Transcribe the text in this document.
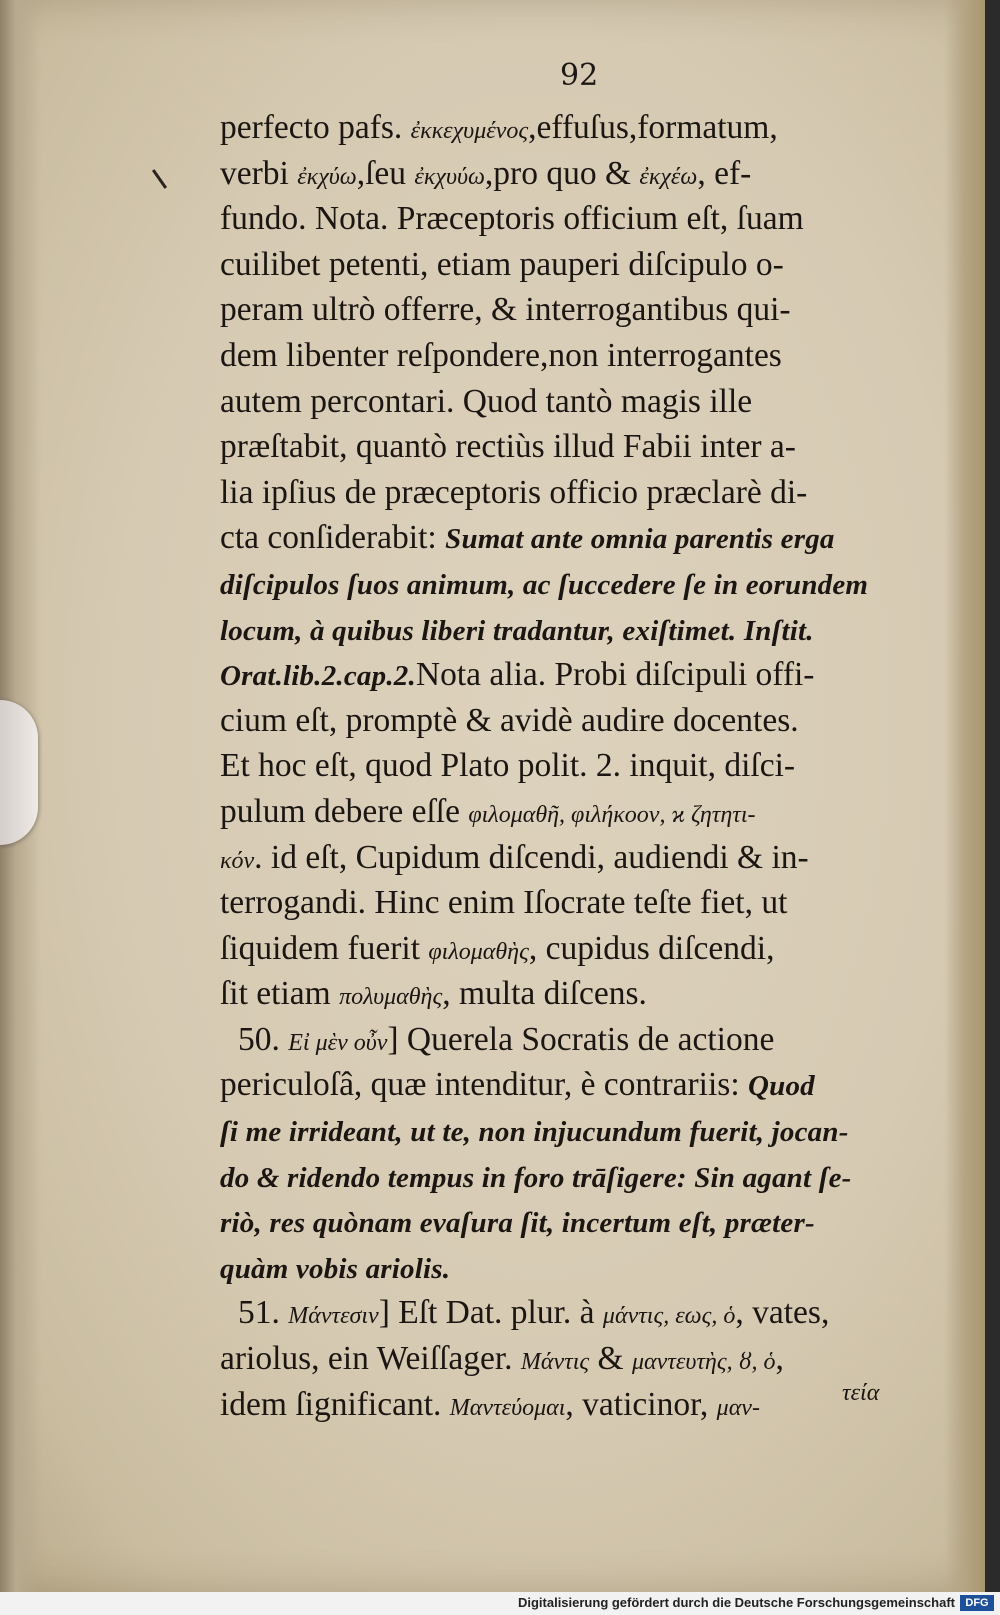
92
perfecto pafs. ἐκκεχυμένος,effuſus,formatum,
verbi ἐκχύω,ſeu ἐκχυύω,pro quo & ἐκχέω, ef-
fundo. Nota. Præceptoris officium eſt, ſuam
cuilibet petenti, etiam pauperi diſcipulo o-
peram ultrò offerre, & interrogantibus qui-
dem libenter reſpondere,non interrogantes
autem percontari. Quod tantò magis ille
præſtabit, quantò rectiùs illud Fabii inter a-
lia ipſius de præceptoris officio præclarè di-
cta conſiderabit: Sumat ante omnia parentis erga
diſcipulos ſuos animum, ac ſuccedere ſe in eorundem
locum, à quibus liberi tradantur, exiſtimet. Inſtit.
Orat.lib.2.cap.2.Nota alia. Probi diſcipuli offi-
cium eſt, promptè & avidè audire docentes.
Et hoc eſt, quod Plato polit. 2. inquit, diſci-
pulum debere eſſe φιλομαθῆ, φιλήκοον, ϰ ζητητι-
κόν. id eſt, Cupidum diſcendi, audiendi & in-
terrogandi. Hinc enim Iſocrate teſte fiet, ut
ſiquidem fuerit φιλομαθὴς, cupidus diſcendi,
ſit etiam πολυμαθὴς, multa diſcens.
50. Εἰ μὲν οὖν] Querela Socratis de actione
periculoſâ, quæ intenditur, è contrariis: Quod
ſi me irrideant, ut te, non injucundum fuerit, jocan-
do & ridendo tempus in foro trāſigere: Sin agant ſe-
riò, res quònam evaſura ſit, incertum eſt, præter-
quàm vobis ariolis.
51. Μάντεσιν] Eſt Dat. plur. à μάντις, εως, ὁ, vates,
ariolus, ein Weiſſager. Μάντις & μαντευτὴς, ȣ, ὁ,
idem ſignificant. Μαντεύομαι, vaticinor, μαν-
τεία
Digitalisierung gefördert durch die Deutsche Forschungsgemeinschaft DFG
